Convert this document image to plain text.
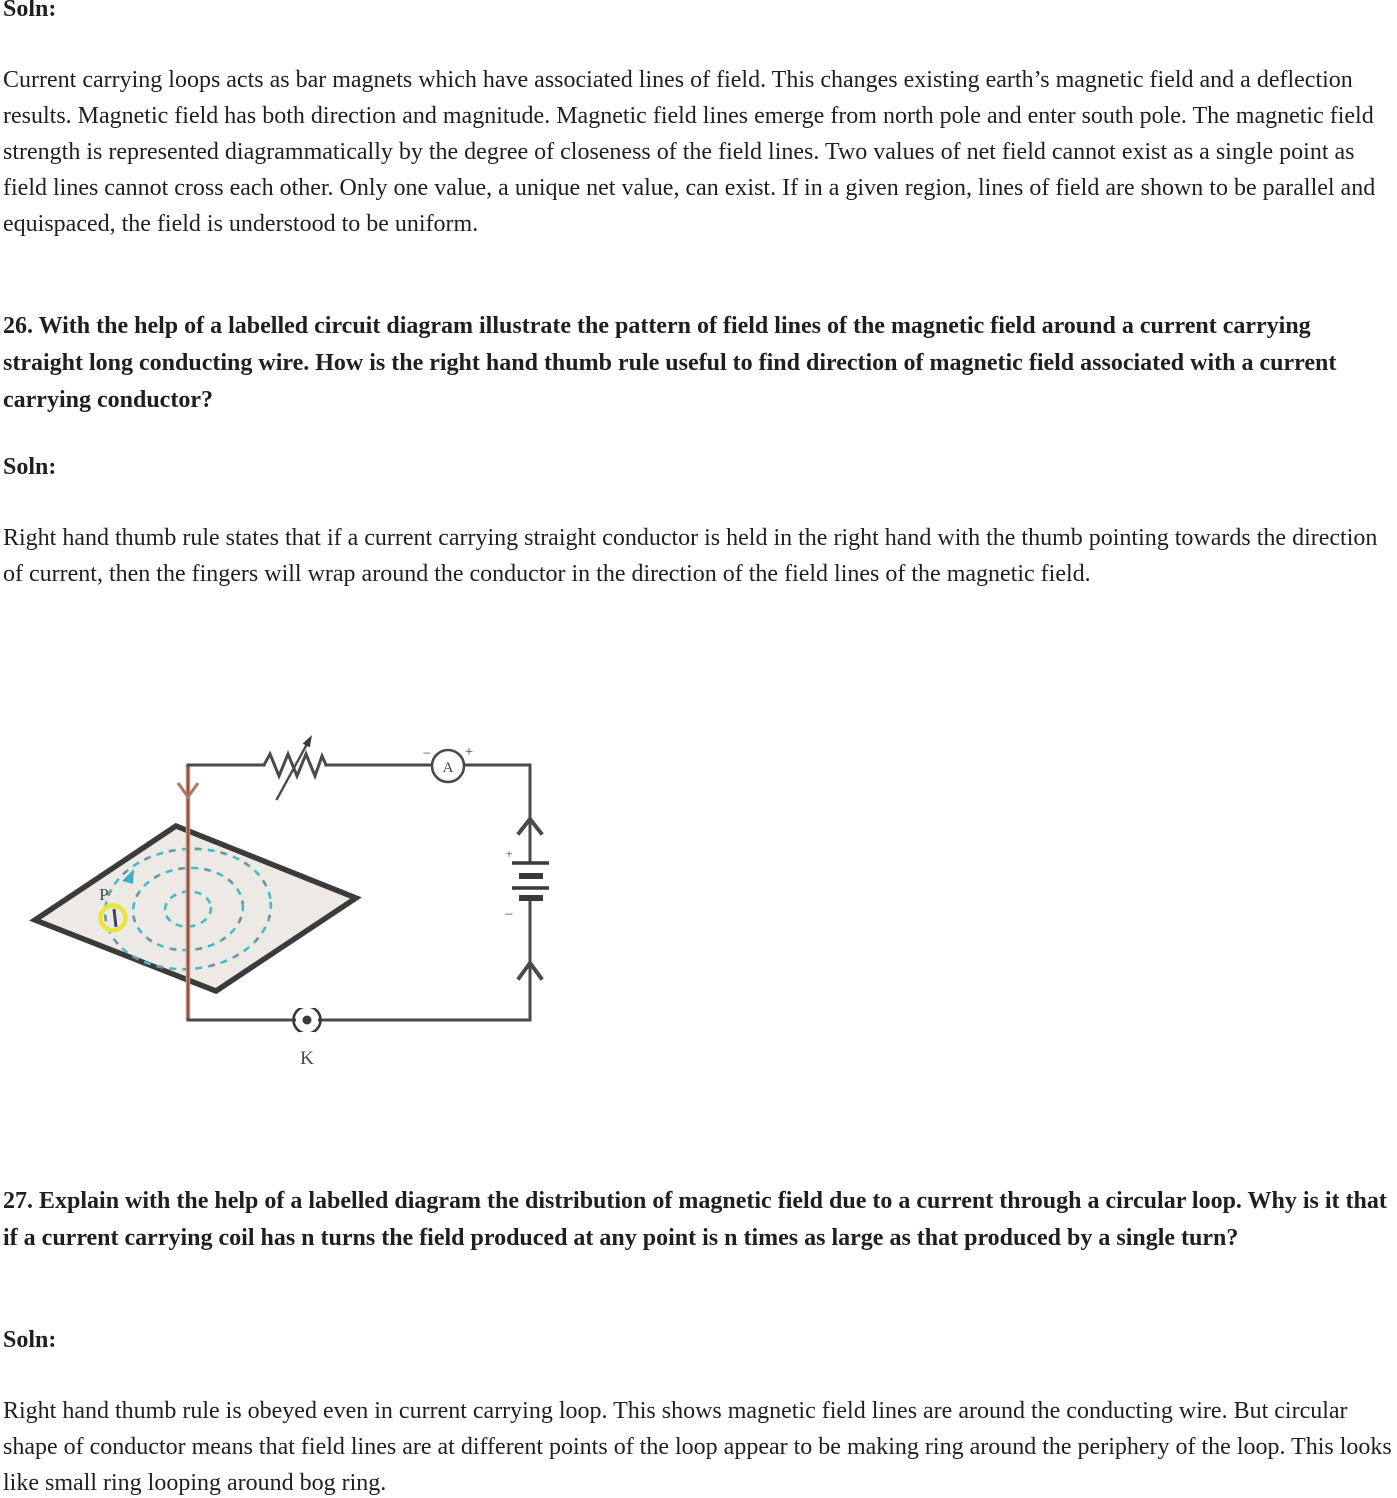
Soln:
Current carrying loops acts as bar magnets which have associated lines of field. This changes existing earth’s magnetic field and a deflection results. Magnetic field has both direction and magnitude. Magnetic field lines emerge from north pole and enter south pole. The magnetic field strength is represented diagrammatically by the degree of closeness of the field lines. Two values of net field cannot exist as a single point as field lines cannot cross each other. Only one value, a unique net value, can exist. If in a given region, lines of field are shown to be parallel and equispaced, the field is understood to be uniform.
26. With the help of a labelled circuit diagram illustrate the pattern of field lines of the magnetic field around a current carrying straight long conducting wire. How is the right hand thumb rule useful to find direction of magnetic field associated with a current carrying conductor?
Soln:
Right hand thumb rule states that if a current carrying straight conductor is held in the right hand with the thumb pointing towards the direction of current, then the fingers will wrap around the conductor in the direction of the field lines of the magnetic field.
P
A
− +
+
−
K
27. Explain with the help of a labelled diagram the distribution of magnetic field due to a current through a circular loop. Why is it that if a current carrying coil has n turns the field produced at any point is n times as large as that produced by a single turn?
Soln:
Right hand thumb rule is obeyed even in current carrying loop. This shows magnetic field lines are around the conducting wire. But circular shape of conductor means that field lines are at different points of the loop appear to be making ring around the periphery of the loop. This looks like small ring looping around bog ring.
